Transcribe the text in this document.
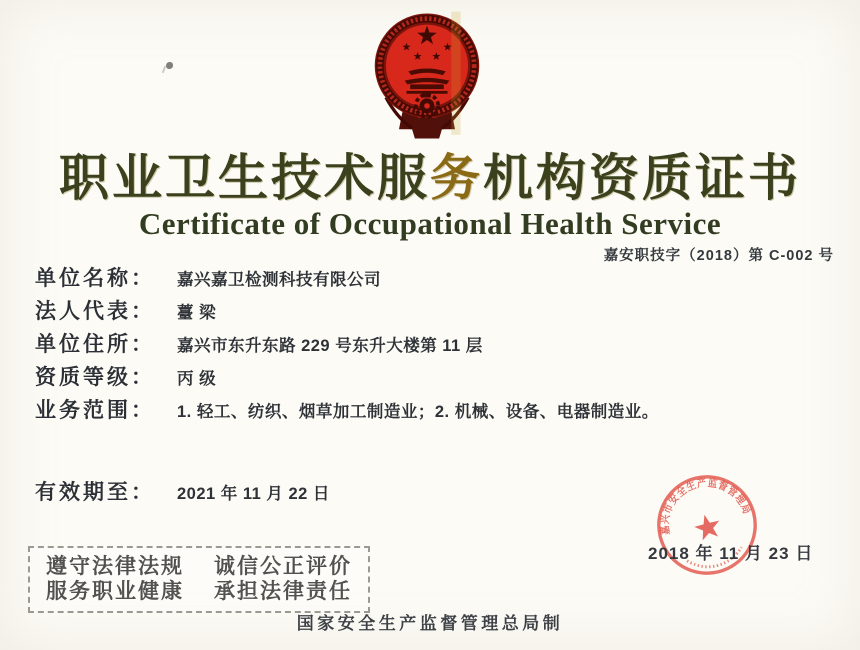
职业卫生技术服务机构资质证书
Certificate of Occupational Health Service
嘉安职技字（2018）第 C-002 号
单位名称：	嘉兴嘉卫检测科技有限公司
法人代表：	薹 梁
单位住所：	嘉兴市东升东路 229 号东升大楼第 11 层
资质等级：	丙 级
业务范围：	1. 轻工、纺织、烟草加工制造业；2. 机械、设备、电器制造业。
有效期至：	2021 年 11 月 22 日
嘉兴市安全生产监督管理局
2018 年 11 月 23 日
遵守法律法规 诚信公正评价
服务职业健康 承担法律责任
国家安全生产监督管理总局制
